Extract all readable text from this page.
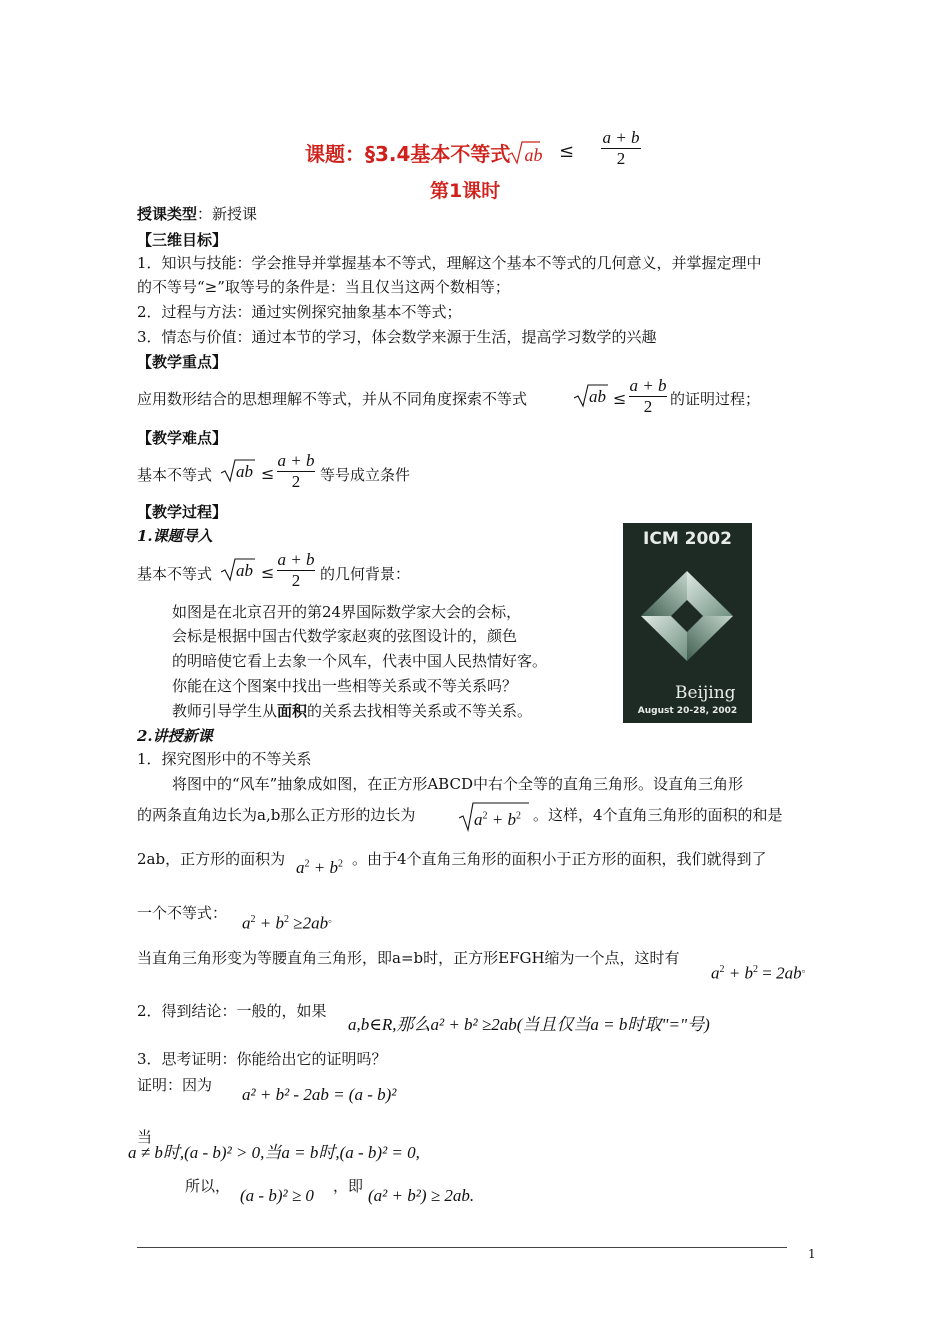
课题：§3.4基本不等式 ab ≤
a + b
2
第1课时
授课类型：新授课
【三维目标】
1．知识与技能：学会推导并掌握基本不等式，理解这个基本不等式的几何意义，并掌握定理中
的不等号“≥”取等号的条件是：当且仅当这两个数相等；
2．过程与方法：通过实例探究抽象基本不等式；
3．情态与价值：通过本节的学习，体会数学来源于生活，提高学习数学的兴趣
【教学重点】
应用数形结合的思想理解不等式，并从不同角度探索不等式	ab ≤
a + b
2	的证明过程；
【教学难点】
基本不等式	ab ≤
a + b
2	等号成立条件
【教学过程】
1.课题导入
基本不等式	ab ≤
a + b
2	的几何背景：
如图是在北京召开的第24界国际数学家大会的会标，
会标是根据中国古代数学家赵爽的弦图设计的，颜色
的明暗使它看上去象一个风车，代表中国人民热情好客。
你能在这个图案中找出一些相等关系或不等关系吗？
教师引导学生从面积的关系去找相等关系或不等关系。
ICM 2002
Beijing
August 20-28, 2002
2.讲授新课
1．探究图形中的不等关系
将图中的“风车”抽象成如图，在正方形ABCD中右个全等的直角三角形。设直角三角形
的两条直角边长为a,b那么正方形的边长为	$a^2 + b^2$ 。这样，4个直角三角形的面积的和是
2ab，正方形的面积为 $a^2 + b^2$ 。由于4个直角三角形的面积小于正方形的面积，我们就得到了
一个不等式：
$a^2 + b^2 \ge 2ab^。$
当直角三角形变为等腰直角三角形，即a=b时，正方形EFGH缩为一个点，这时有
$a^2 + b^2 = 2ab^。$
2．得到结论：一般的，如果
a,b∈R,那么a² + b² ≥2ab(当且仅当a = b时取"="号)
3．思考证明：你能给出它的证明吗？
证明：因为 a² + b² - 2ab = (a - b)²
当
a ≠ b时,(a - b)² > 0,当a = b时,(a - b)² = 0,
所以， (a - b)² ≥ 0 ，即 (a² + b²) ≥ 2ab.
1
